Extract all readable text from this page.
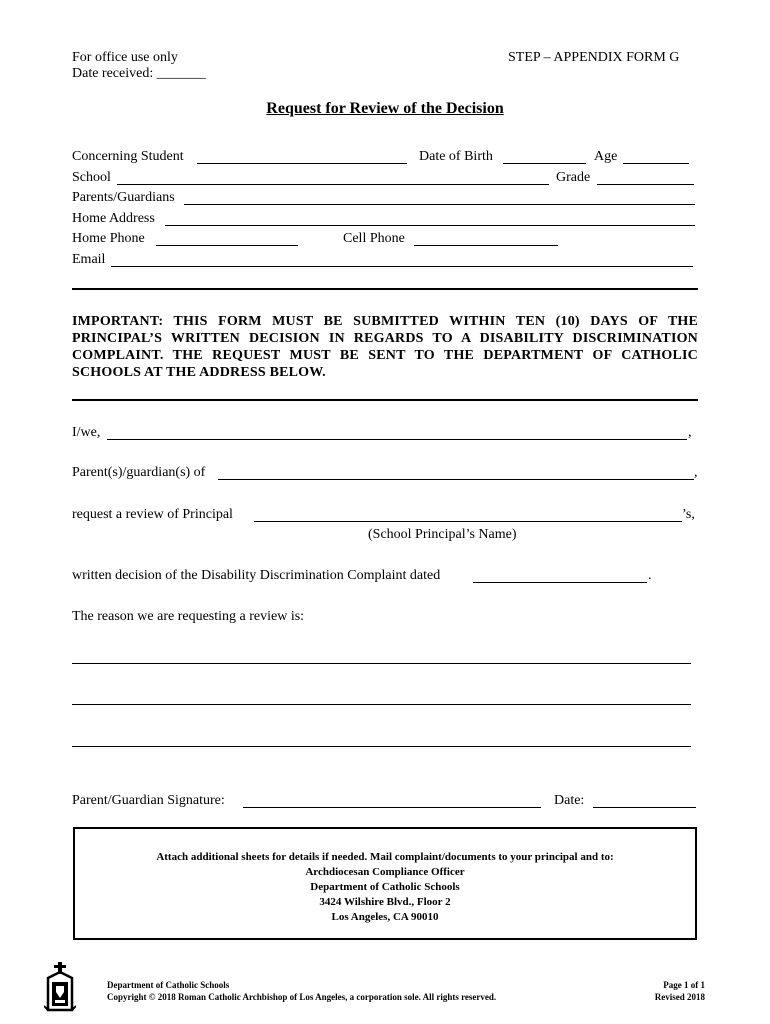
For office use only
Date received: _______
STEP – APPENDIX FORM G
Request for Review of the Decision
Concerning Student	Date of Birth	Age
School	Grade
Parents/Guardians
Home Address
Home Phone	Cell Phone
Email
IMPORTANT: THIS FORM MUST BE SUBMITTED WITHIN TEN (10) DAYS OF THE PRINCIPAL’S WRITTEN DECISION IN REGARDS TO A DISABILITY DISCRIMINATION COMPLAINT. THE REQUEST MUST BE SENT TO THE DEPARTMENT OF CATHOLIC SCHOOLS AT THE ADDRESS BELOW.
I/we,	,
Parent(s)/guardian(s) of	,
request a review of Principal	’s,
(School Principal’s Name)
written decision of the Disability Discrimination Complaint dated	.
The reason we are requesting a review is:
Parent/Guardian Signature:	Date:
Attach additional sheets for details if needed. Mail complaint/documents to your principal and to:
Archdiocesan Compliance Officer
Department of Catholic Schools
3424 Wilshire Blvd., Floor 2
Los Angeles, CA 90010
Department of Catholic Schools
Copyright © 2018 Roman Catholic Archbishop of Los Angeles, a corporation sole. All rights reserved.
Page 1 of 1
Revised 2018
